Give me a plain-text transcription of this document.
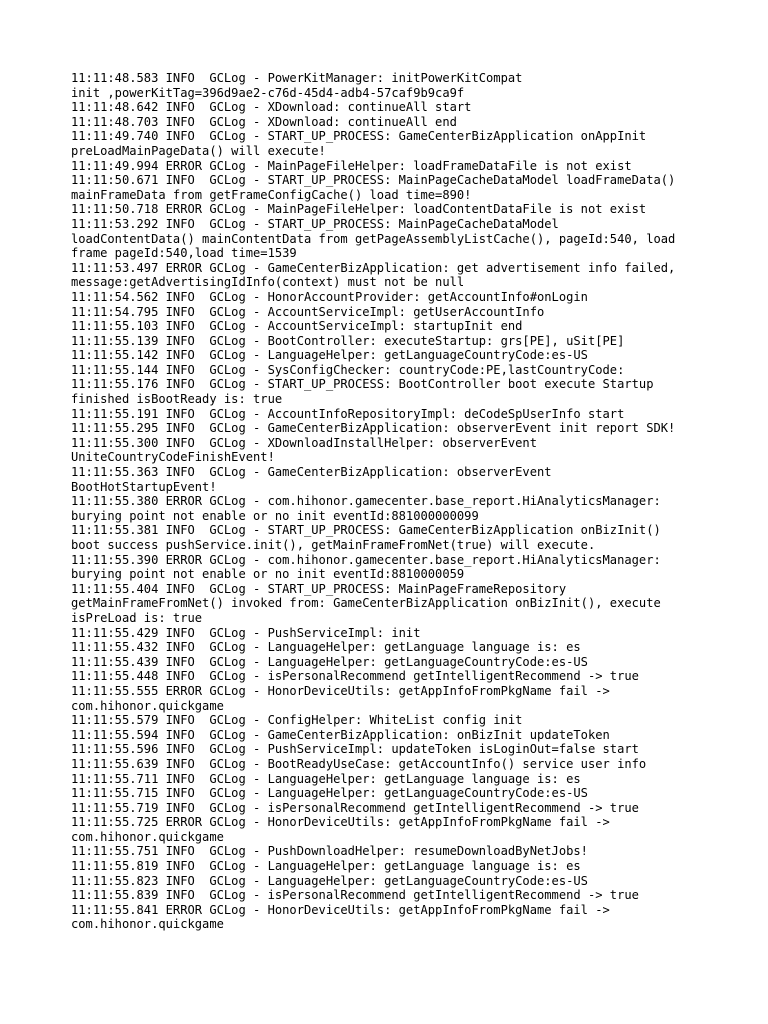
11:11:48.583 INFO  GCLog - PowerKitManager: initPowerKitCompat
init ,powerKitTag=396d9ae2-c76d-45d4-adb4-57caf9b9ca9f
11:11:48.642 INFO  GCLog - XDownload: continueAll start
11:11:48.703 INFO  GCLog - XDownload: continueAll end
11:11:49.740 INFO  GCLog - START_UP_PROCESS: GameCenterBizApplication onAppInit
preLoadMainPageData() will execute!
11:11:49.994 ERROR GCLog - MainPageFileHelper: loadFrameDataFile is not exist
11:11:50.671 INFO  GCLog - START_UP_PROCESS: MainPageCacheDataModel loadFrameData()
mainFrameData from getFrameConfigCache() load time=890!
11:11:50.718 ERROR GCLog - MainPageFileHelper: loadContentDataFile is not exist
11:11:53.292 INFO  GCLog - START_UP_PROCESS: MainPageCacheDataModel
loadContentData() mainContentData from getPageAssemblyListCache(), pageId:540, load
frame pageId:540,load time=1539
11:11:53.497 ERROR GCLog - GameCenterBizApplication: get advertisement info failed,
message:getAdvertisingIdInfo(context) must not be null
11:11:54.562 INFO  GCLog - HonorAccountProvider: getAccountInfo#onLogin
11:11:54.795 INFO  GCLog - AccountServiceImpl: getUserAccountInfo
11:11:55.103 INFO  GCLog - AccountServiceImpl: startupInit end
11:11:55.139 INFO  GCLog - BootController: executeStartup: grs[PE], uSit[PE]
11:11:55.142 INFO  GCLog - LanguageHelper: getLanguageCountryCode:es-US
11:11:55.144 INFO  GCLog - SysConfigChecker: countryCode:PE,lastCountryCode:
11:11:55.176 INFO  GCLog - START_UP_PROCESS: BootController boot execute Startup
finished isBootReady is: true
11:11:55.191 INFO  GCLog - AccountInfoRepositoryImpl: deCodeSpUserInfo start
11:11:55.295 INFO  GCLog - GameCenterBizApplication: observerEvent init report SDK!
11:11:55.300 INFO  GCLog - XDownloadInstallHelper: observerEvent
UniteCountryCodeFinishEvent!
11:11:55.363 INFO  GCLog - GameCenterBizApplication: observerEvent
BootHotStartupEvent!
11:11:55.380 ERROR GCLog - com.hihonor.gamecenter.base_report.HiAnalyticsManager:
burying point not enable or no init eventId:881000000099
11:11:55.381 INFO  GCLog - START_UP_PROCESS: GameCenterBizApplication onBizInit()
boot success pushService.init(), getMainFrameFromNet(true) will execute.
11:11:55.390 ERROR GCLog - com.hihonor.gamecenter.base_report.HiAnalyticsManager:
burying point not enable or no init eventId:8810000059
11:11:55.404 INFO  GCLog - START_UP_PROCESS: MainPageFrameRepository
getMainFrameFromNet() invoked from: GameCenterBizApplication onBizInit(), execute
isPreLoad is: true
11:11:55.429 INFO  GCLog - PushServiceImpl: init
11:11:55.432 INFO  GCLog - LanguageHelper: getLanguage language is: es
11:11:55.439 INFO  GCLog - LanguageHelper: getLanguageCountryCode:es-US
11:11:55.448 INFO  GCLog - isPersonalRecommend getIntelligentRecommend -> true
11:11:55.555 ERROR GCLog - HonorDeviceUtils: getAppInfoFromPkgName fail ->
com.hihonor.quickgame
11:11:55.579 INFO  GCLog - ConfigHelper: WhiteList config init
11:11:55.594 INFO  GCLog - GameCenterBizApplication: onBizInit updateToken
11:11:55.596 INFO  GCLog - PushServiceImpl: updateToken isLoginOut=false start
11:11:55.639 INFO  GCLog - BootReadyUseCase: getAccountInfo() service user info
11:11:55.711 INFO  GCLog - LanguageHelper: getLanguage language is: es
11:11:55.715 INFO  GCLog - LanguageHelper: getLanguageCountryCode:es-US
11:11:55.719 INFO  GCLog - isPersonalRecommend getIntelligentRecommend -> true
11:11:55.725 ERROR GCLog - HonorDeviceUtils: getAppInfoFromPkgName fail ->
com.hihonor.quickgame
11:11:55.751 INFO  GCLog - PushDownloadHelper: resumeDownloadByNetJobs!
11:11:55.819 INFO  GCLog - LanguageHelper: getLanguage language is: es
11:11:55.823 INFO  GCLog - LanguageHelper: getLanguageCountryCode:es-US
11:11:55.839 INFO  GCLog - isPersonalRecommend getIntelligentRecommend -> true
11:11:55.841 ERROR GCLog - HonorDeviceUtils: getAppInfoFromPkgName fail ->
com.hihonor.quickgame
